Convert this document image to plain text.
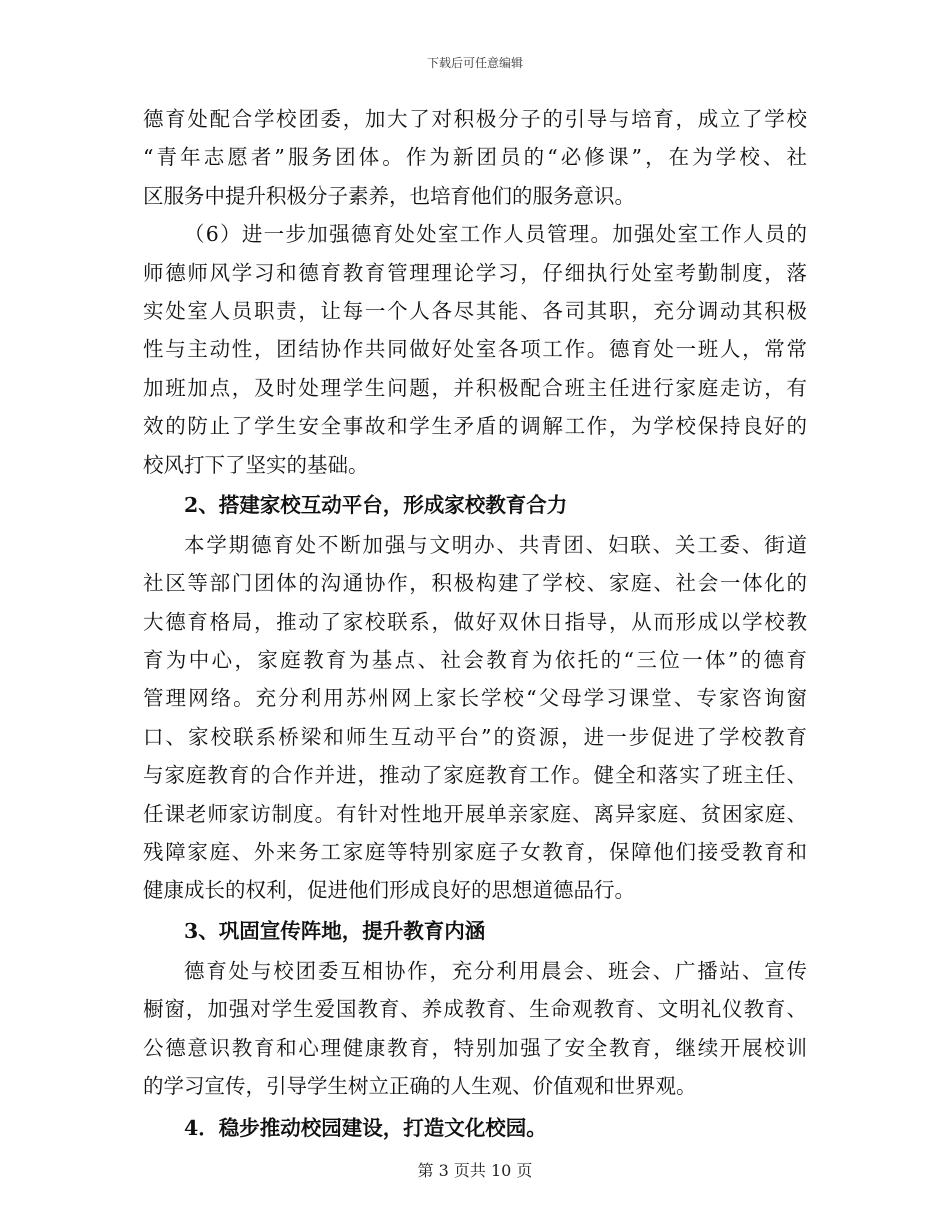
下载后可任意编辑
德育处配合学校团委，加大了对积极分子的引导与培育，成立了学校
“青年志愿者”服务团体。作为新团员的“必修课”，在为学校、社
区服务中提升积极分子素养，也培育他们的服务意识。
（6）进一步加强德育处处室工作人员管理。加强处室工作人员的
师德师风学习和德育教育管理理论学习，仔细执行处室考勤制度，落
实处室人员职责，让每一个人各尽其能、各司其职，充分调动其积极
性与主动性，团结协作共同做好处室各项工作。德育处一班人，常常
加班加点，及时处理学生问题，并积极配合班主任进行家庭走访，有
效的防止了学生安全事故和学生矛盾的调解工作，为学校保持良好的
校风打下了坚实的基础。
2、搭建家校互动平台，形成家校教育合力
本学期德育处不断加强与文明办、共青团、妇联、关工委、街道
社区等部门团体的沟通协作，积极构建了学校、家庭、社会一体化的
大德育格局，推动了家校联系，做好双休日指导，从而形成以学校教
育为中心，家庭教育为基点、社会教育为依托的“三位一体”的德育
管理网络。充分利用苏州网上家长学校“父母学习课堂、专家咨询窗
口、家校联系桥梁和师生互动平台”的资源，进一步促进了学校教育
与家庭教育的合作并进，推动了家庭教育工作。健全和落实了班主任、
任课老师家访制度。有针对性地开展单亲家庭、离异家庭、贫困家庭、
残障家庭、外来务工家庭等特别家庭子女教育，保障他们接受教育和
健康成长的权利，促进他们形成良好的思想道德品行。
3、巩固宣传阵地，提升教育内涵
德育处与校团委互相协作，充分利用晨会、班会、广播站、宣传
橱窗，加强对学生爱国教育、养成教育、生命观教育、文明礼仪教育、
公德意识教育和心理健康教育，特别加强了安全教育，继续开展校训
的学习宣传，引导学生树立正确的人生观、价值观和世界观。
4．稳步推动校园建设，打造文化校园。
第 3 页共 10 页
